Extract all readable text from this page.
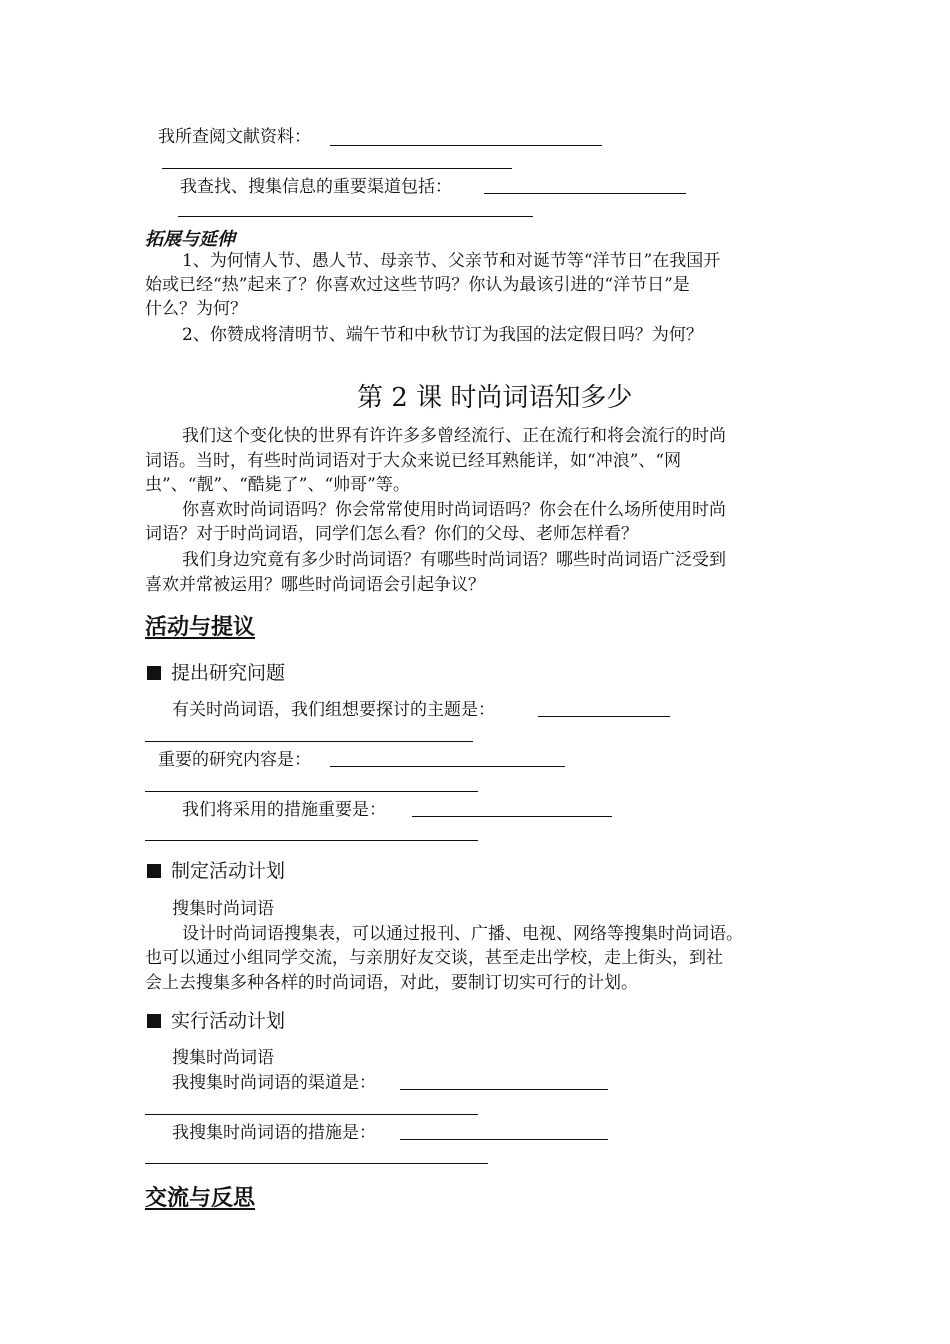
我所查阅文献资料：
我查找、搜集信息的重要渠道包括：
拓展与延伸
1、为何情人节、愚人节、母亲节、父亲节和对诞节等“洋节日”在我国开
始或已经“热”起来了？你喜欢过这些节吗？你认为最该引进的“洋节日”是
什么？为何？
2、你赞成将清明节、端午节和中秋节订为我国的法定假日吗？为何？
第 2 课 时尚词语知多少
我们这个变化快的世界有许许多多曾经流行、正在流行和将会流行的时尚
词语。当时，有些时尚词语对于大众来说已经耳熟能详，如“冲浪”、“网
虫”、“靓”、“酷毙了”、“帅哥”等。
你喜欢时尚词语吗？你会常常使用时尚词语吗？你会在什么场所使用时尚
词语？对于时尚词语，同学们怎么看？你们的父母、老师怎样看？
我们身边究竟有多少时尚词语？有哪些时尚词语？哪些时尚词语广泛受到
喜欢并常被运用？哪些时尚词语会引起争议？
活动与提议
提出研究问题
有关时尚词语，我们组想要探讨的主题是：
重要的研究内容是：
我们将采用的措施重要是：
制定活动计划
搜集时尚词语
设计时尚词语搜集表，可以通过报刊、广播、电视、网络等搜集时尚词语。
也可以通过小组同学交流，与亲朋好友交谈，甚至走出学校，走上街头，到社
会上去搜集多种各样的时尚词语，对此，要制订切实可行的计划。
实行活动计划
搜集时尚词语
我搜集时尚词语的渠道是：
我搜集时尚词语的措施是：
交流与反思
